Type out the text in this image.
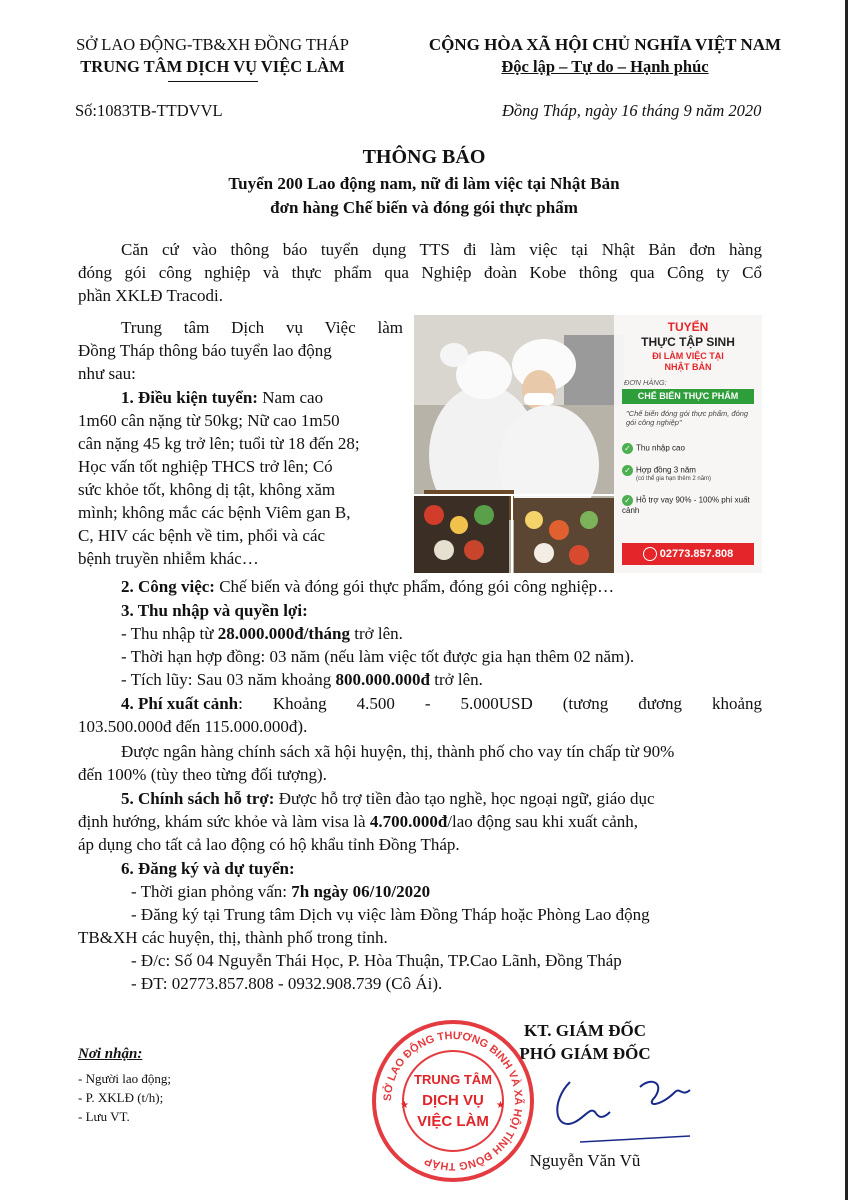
SỞ LAO ĐỘNG-TB&XH ĐỒNG THÁP
TRUNG TÂM DỊCH VỤ VIỆC LÀM
CỘNG HÒA XÃ HỘI CHỦ NGHĨA VIỆT NAM
Độc lập – Tự do – Hạnh phúc
Số:1083TB-TTDVVL	Đồng Tháp, ngày 16 tháng 9 năm 2020
THÔNG BÁO
Tuyển 200 Lao động nam, nữ đi làm việc tại Nhật Bản
đơn hàng Chế biến và đóng gói thực phẩm
Căn cứ vào thông báo tuyển dụng TTS đi làm việc tại Nhật Bản đơn hàng
đóng gói công nghiệp và thực phẩm qua Nghiệp đoàn Kobe thông qua Công ty Cổ
phần XKLĐ Tracodi.
Trung tâm Dịch vụ Việc làm
Đồng Tháp thông báo tuyển lao động
như sau:
1. Điều kiện tuyển: Nam cao
1m60 cân nặng từ 50kg; Nữ cao 1m50
cân nặng 45 kg trở lên; tuổi từ 18 đến 28;
Học vấn tốt nghiệp THCS trở lên; Có
sức khỏe tốt, không dị tật, không xăm
mình; không mắc các bệnh Viêm gan B,
C, HIV các bệnh về tim, phổi và các
bệnh truyền nhiễm khác…
2. Công việc: Chế biến và đóng gói thực phẩm, đóng gói công nghiệp…
3. Thu nhập và quyền lợi:
- Thu nhập từ 28.000.000đ/tháng trở lên.
- Thời hạn hợp đồng: 03 năm (nếu làm việc tốt được gia hạn thêm 02 năm).
- Tích lũy: Sau 03 năm khoảng 800.000.000đ trở lên.
4. Phí xuất cảnh : Khoảng 4.500 - 5.000USD (tương đương khoảng
103.500.000đ đến 115.000.000đ).
Được ngân hàng chính sách xã hội huyện, thị, thành phố cho vay tín chấp từ 90%
đến 100% (tùy theo từng đối tượng).
5. Chính sách hỗ trợ: Được hỗ trợ tiền đào tạo nghề, học ngoại ngữ, giáo dục
định hướng, khám sức khỏe và làm visa là 4.700.000đ/lao động sau khi xuất cảnh,
áp dụng cho tất cả lao động có hộ khẩu tỉnh Đồng Tháp.
6. Đăng ký và dự tuyển:
- Thời gian phỏng vấn: 7h ngày 06/10/2020
- Đăng ký tại Trung tâm Dịch vụ việc làm Đồng Tháp hoặc Phòng Lao động
TB&XH các huyện, thị, thành phố trong tỉnh.
- Đ/c: Số 04 Nguyễn Thái Học, P. Hòa Thuận, TP.Cao Lãnh, Đồng Tháp
- ĐT: 02773.857.808 - 0932.908.739 (Cô Ái).
TUYỂN
THỰC TẬP SINH
ĐI LÀM VIỆC TẠI
NHẬT BẢN
ĐƠN HÀNG:
CHẾ BIẾN THỰC PHẨM
"Chế biến đóng gói thực phẩm, đóng gói công nghiệp"
✓ Thu nhập cao
✓ Hợp đồng 3 năm
(có thể gia hạn thêm 2 năm)
✓ Hỗ trợ vay 90% - 100% phí xuất cảnh
02773.857.808
Nơi nhận:
- Người lao động;
- P. XKLĐ (t/h);
- Lưu VT.
KT. GIÁM ĐỐC
PHÓ GIÁM ĐỐC
Nguyễn Văn Vũ
SỞ LAO ĐỘNG THƯƠNG BINH VÀ XÃ HỘI TỈNH ĐỒNG THÁP
TRUNG TÂM
DỊCH VỤ
VIỆC LÀM
★	★
